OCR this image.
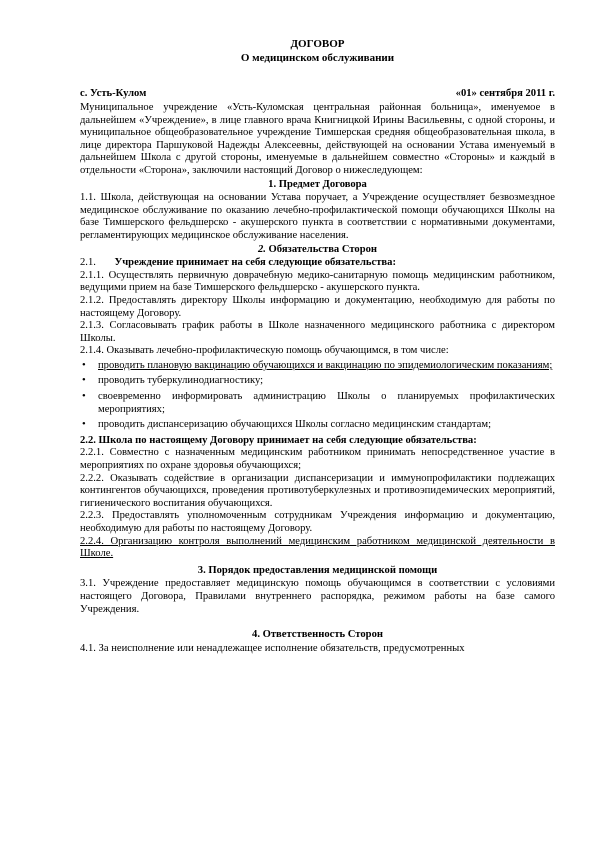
ДОГОВОР

О медицинском обслуживании

с. Усть-Кулом	«01» сентября 2011 г.

Муниципальное учреждение «Усть-Куломская центральная районная больница», именуемое в дальнейшем «Учреждение», в лице главного врача Книгницкой Ирины Васильевны, с одной стороны, и муниципальное общеобразовательное учреждение Тимшерская средняя общеобразовательная школа, в лице директора Паршуковой Надежды Алексеевны, действующей на основании Устава именуемый в дальнейшем Школа с другой стороны, именуемые в дальнейшем совместно «Стороны» и каждый в отдельности «Сторона», заключили настоящий Договор о нижеследующем:

1. Предмет Договора

1.1. Школа, действующая на основании Устава поручает, а Учреждение осуществляет безвозмездное медицинское обслуживание по оказанию лечебно-профилактической помощи обучающихся Школы на базе Тимшерского фельдшерско - акушерского пункта в соответствии с нормативными документами, регламентирующих медицинское обслуживание населения.

2. Обязательства Сторон

2.1. Учреждение принимает на себя следующие обязательства:

2.1.1. Осуществлять первичную доврачебную медико-санитарную помощь медицинским работником, ведущими прием на базе Тимшерского фельдшерско - акушерского пункта.

2.1.2. Предоставлять директору Школы информацию и документацию, необходимую для работы по настоящему Договору.

2.1.3. Согласовывать график работы в Школе назначенного медицинского работника с директором Школы.

2.1.4. Оказывать лечебно-профилактическую помощь обучающимся, в том числе:

• проводить плановую вакцинацию обучающихся и вакцинацию по эпидемиологическим показаниям;
• проводить туберкулинодиагностику;
• своевременно информировать администрацию Школы о планируемых профилактических мероприятиях;
• проводить диспансеризацию обучающихся Школы согласно медицинским стандартам;

2.2. Школа по настоящему Договору принимает на себя следующие обязательства:

2.2.1. Совместно с назначенным медицинским работником принимать непосредственное участие в мероприятиях по охране здоровья обучающихся;

2.2.2. Оказывать содействие в организации диспансеризации и иммунопрофилактики подлежащих контингентов обучающихся, проведения противотуберкулезных и противоэпидемических мероприятий, гигиенического воспитания обучающихся.

2.2.3. Предоставлять уполномоченным сотрудникам Учреждения информацию и документацию, необходимую для работы по настоящему Договору.

2.2.4. Организацию контроля выполнений медицинским работником медицинской деятельности в Школе.

3. Порядок предоставления медицинской помощи

3.1. Учреждение предоставляет медицинскую помощь обучающимся в соответствии с условиями настоящего Договора, Правилами внутреннего распорядка, режимом работы на базе самого Учреждения.

4. Ответственность Сторон

4.1. За неисполнение или ненадлежащее исполнение обязательств, предусмотренных
